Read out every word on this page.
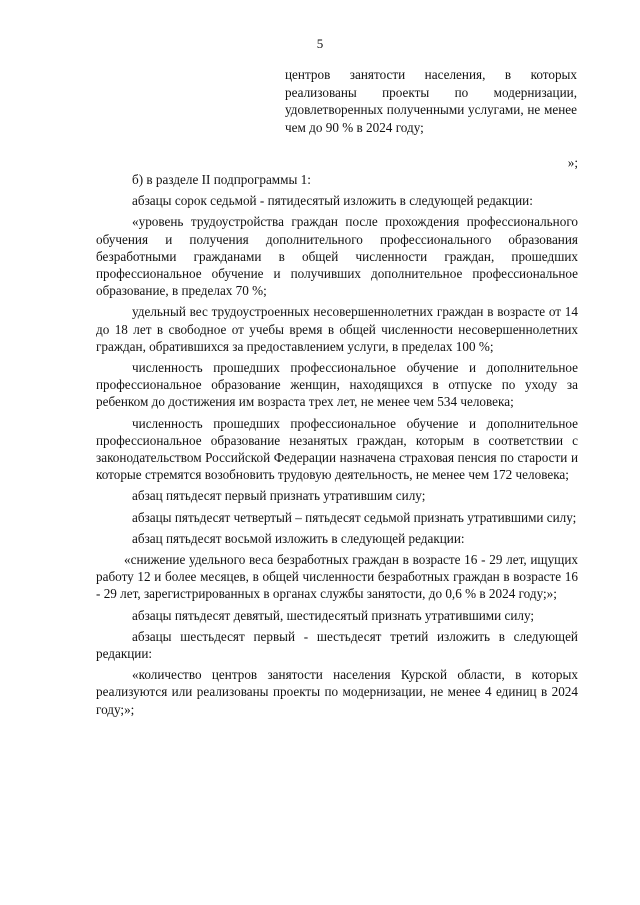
5
центров занятости населения, в которых реализованы проекты по модернизации, удовлетворенных полученными услугами, не менее чем до 90 % в 2024 году;
»;

б) в разделе II подпрограммы 1:

абзацы сорок седьмой - пятидесятый изложить в следующей редакции:

«уровень трудоустройства граждан после прохождения профессионального обучения и получения дополнительного профессионального образования безработными гражданами в общей численности граждан, прошедших профессиональное обучение и получивших дополнительное профессиональное образование, в пределах 70 %;

удельный вес трудоустроенных несовершеннолетних граждан в возрасте от 14 до 18 лет в свободное от учебы время в общей численности несовершеннолетних граждан, обратившихся за предоставлением услуги, в пределах 100 %;

численность прошедших профессиональное обучение и дополнительное профессиональное образование женщин, находящихся в отпуске по уходу за ребенком до достижения им возраста трех лет, не менее чем 534 человека;

численность прошедших профессиональное обучение и дополнительное профессиональное образование незанятых граждан, которым в соответствии с законодательством Российской Федерации назначена страховая пенсия по старости и которые стремятся возобновить трудовую деятельность, не менее чем 172 человека;

абзац пятьдесят первый признать утратившим силу;

абзацы пятьдесят четвертый – пятьдесят седьмой признать утратившими силу;

абзац пятьдесят восьмой изложить в следующей редакции:

«снижение удельного веса безработных граждан в возрасте 16 - 29 лет, ищущих работу 12 и более месяцев, в общей численности безработных граждан в возрасте 16 - 29 лет, зарегистрированных в органах службы занятости, до 0,6 % в 2024 году;»;

абзацы пятьдесят девятый, шестидесятый признать утратившими силу;

абзацы шестьдесят первый - шестьдесят третий изложить в следующей редакции:

«количество центров занятости населения Курской области, в которых реализуются или реализованы проекты по модернизации, не менее 4 единиц в 2024 году;»;
